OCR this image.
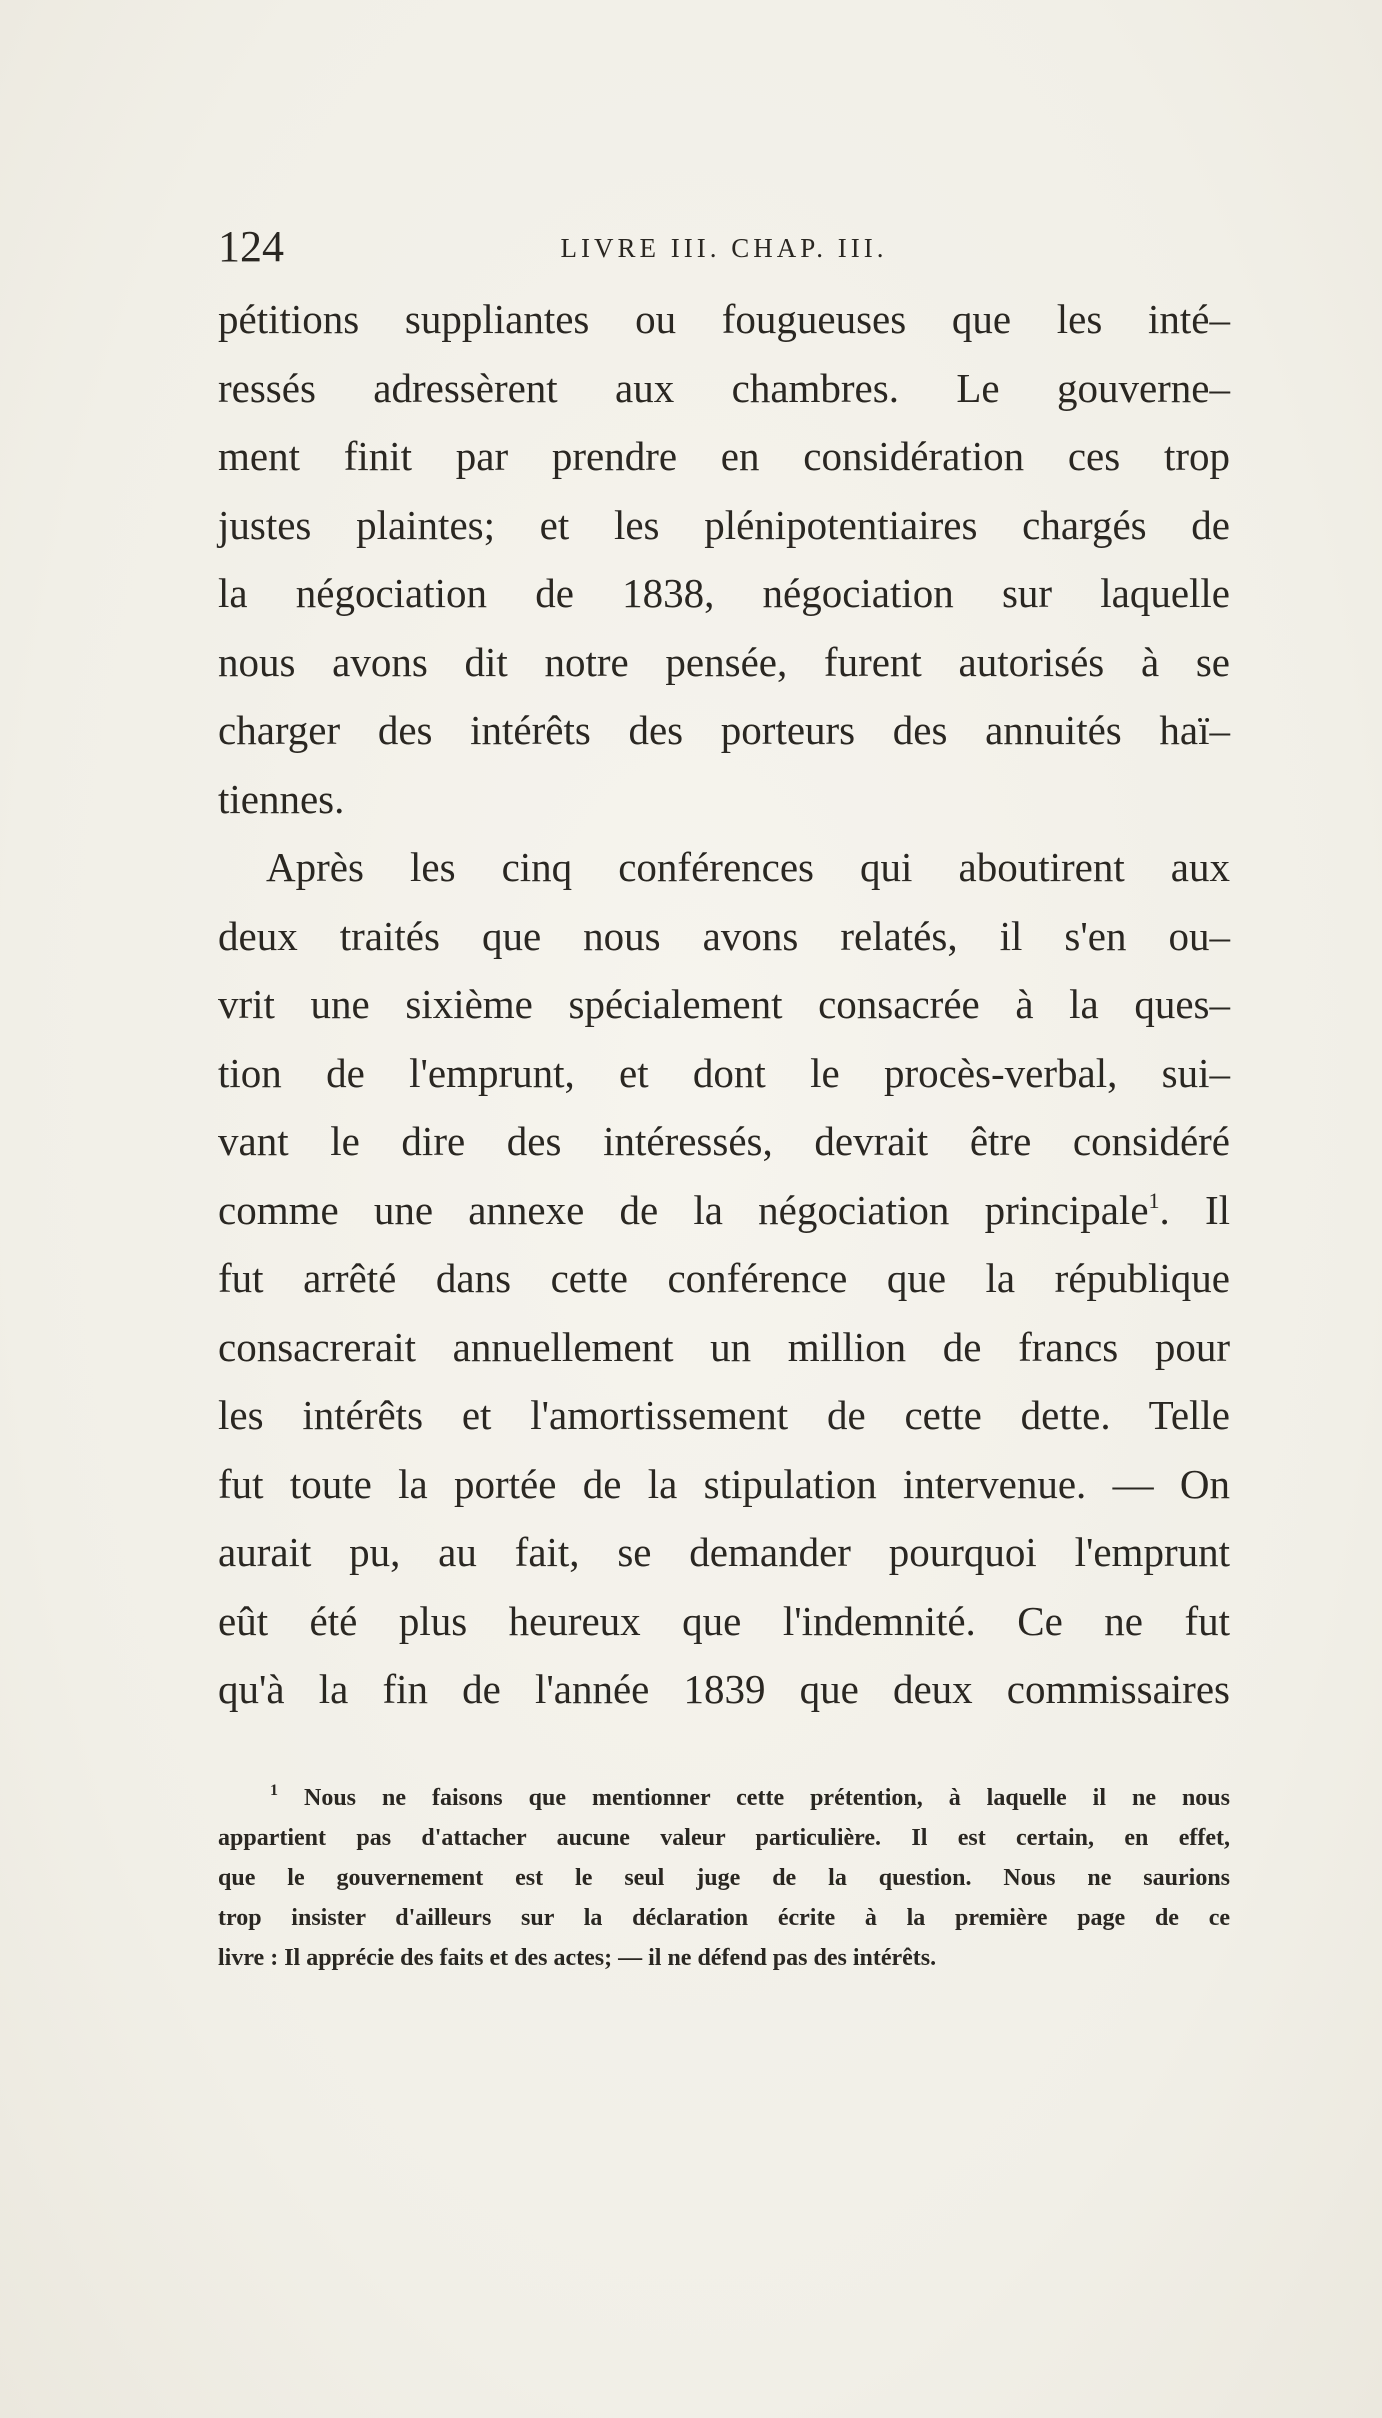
124	LIVRE III. CHAP. III.
pétitions suppliantes ou fougueuses que les inté–
ressés adressèrent aux chambres. Le gouverne–
ment finit par prendre en considération ces trop
justes plaintes; et les plénipotentiaires chargés de
la négociation de 1838, négociation sur laquelle
nous avons dit notre pensée, furent autorisés à se
charger des intérêts des porteurs des annuités haï–
tiennes.
Après les cinq conférences qui aboutirent aux
deux traités que nous avons relatés, il s'en ou–
vrit une sixième spécialement consacrée à la ques–
tion de l'emprunt, et dont le procès-verbal, sui–
vant le dire des intéressés, devrait être considéré
comme une annexe de la négociation principale$^1$. Il
fut arrêté dans cette conférence que la république
consacrerait annuellement un million de francs pour
les intérêts et l'amortissement de cette dette. Telle
fut toute la portée de la stipulation intervenue. — On
aurait pu, au fait, se demander pourquoi l'emprunt
eût été plus heureux que l'indemnité. Ce ne fut
qu'à la fin de l'année 1839 que deux commissaires
$^1$ Nous ne faisons que mentionner cette prétention, à laquelle il ne nous
appartient pas d'attacher aucune valeur particulière. Il est certain, en effet,
que le gouvernement est le seul juge de la question. Nous ne saurions
trop insister d'ailleurs sur la déclaration écrite à la première page de ce
livre : Il apprécie des faits et des actes; — il ne défend pas des intérêts.
